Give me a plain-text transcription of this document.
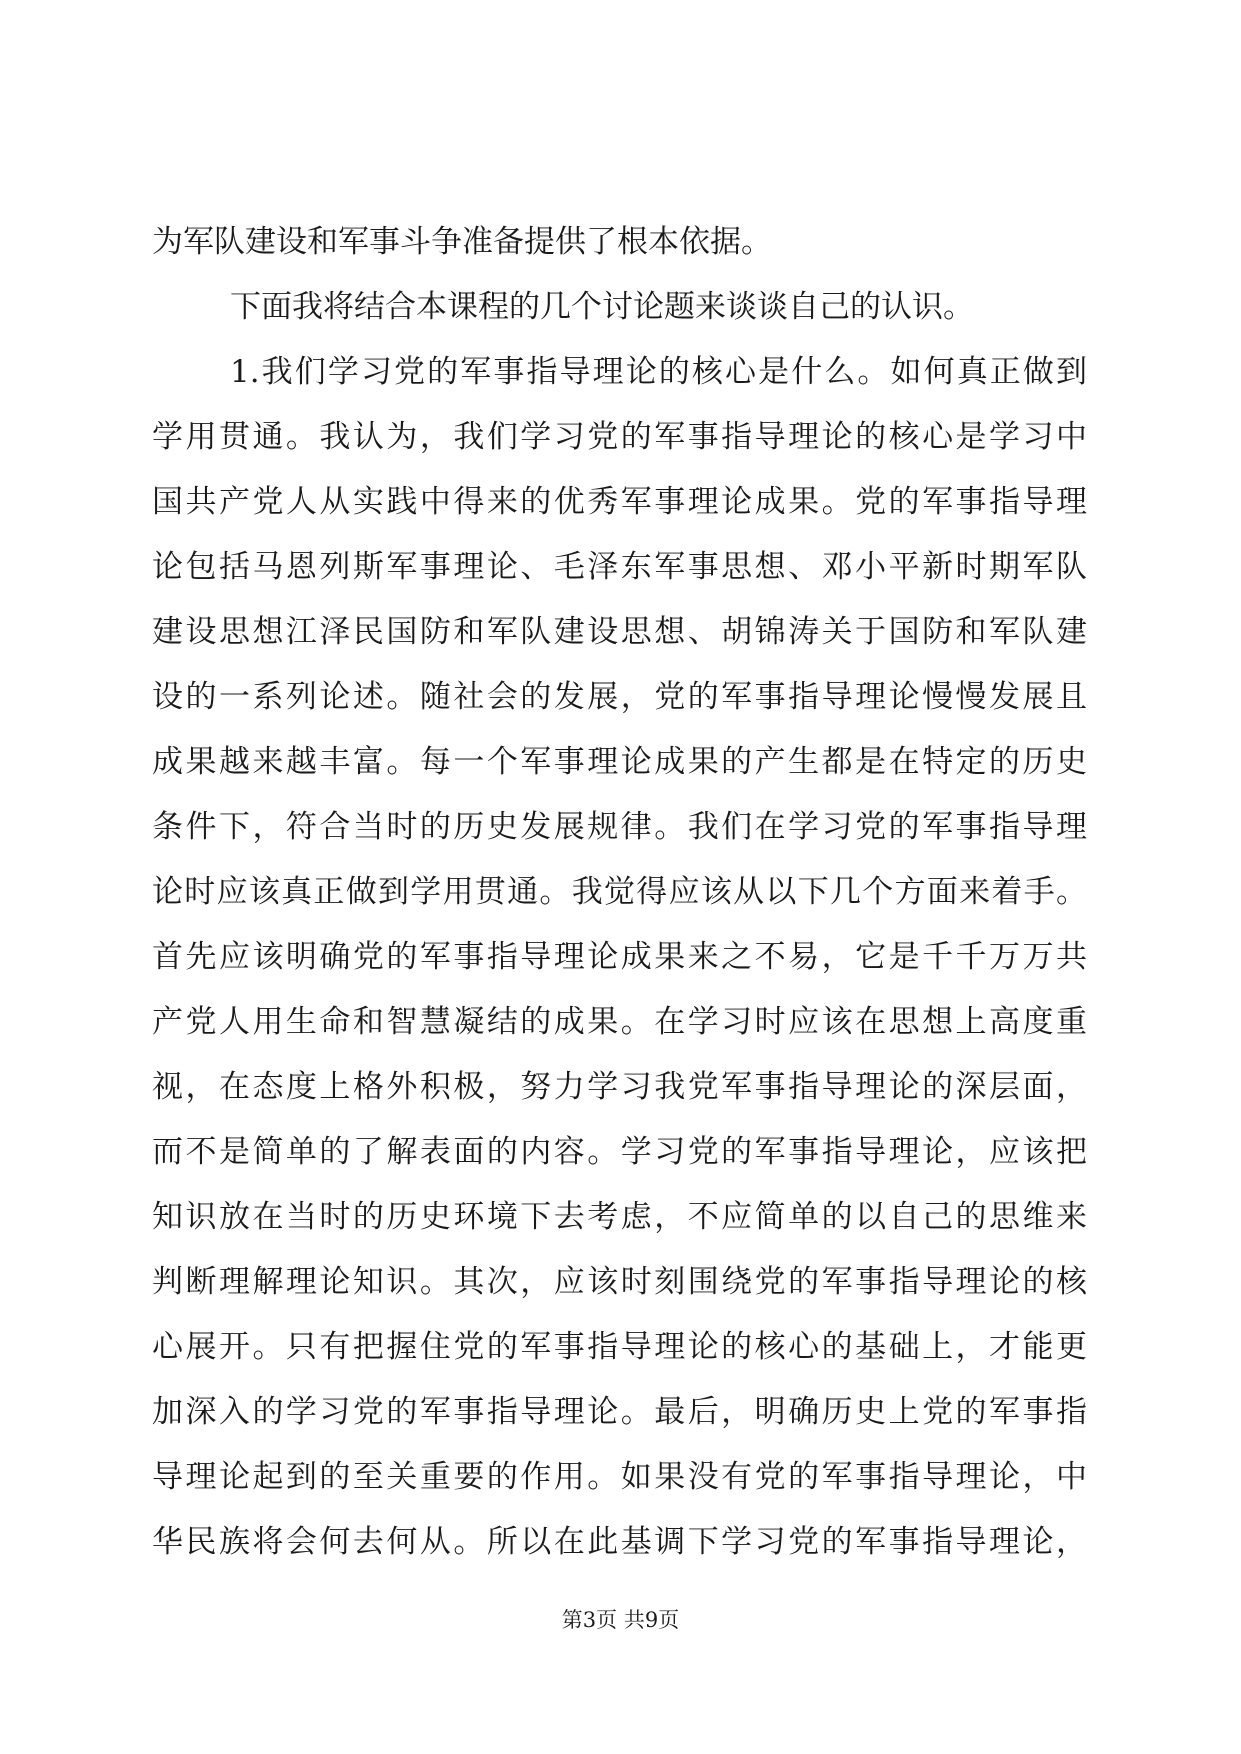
为军队建设和军事斗争准备提供了根本依据。
下面我将结合本课程的几个讨论题来谈谈自己的认识。
1.我们学习党的军事指导理论的核心是什么。如何真正做到
学用贯通。我认为，我们学习党的军事指导理论的核心是学习中
国共产党人从实践中得来的优秀军事理论成果。党的军事指导理
论包括马恩列斯军事理论、毛泽东军事思想、邓小平新时期军队
建设思想江泽民国防和军队建设思想、胡锦涛关于国防和军队建
设的一系列论述。随社会的发展，党的军事指导理论慢慢发展且
成果越来越丰富。每一个军事理论成果的产生都是在特定的历史
条件下，符合当时的历史发展规律。我们在学习党的军事指导理
论时应该真正做到学用贯通。我觉得应该从以下几个方面来着手。
首先应该明确党的军事指导理论成果来之不易，它是千千万万共
产党人用生命和智慧凝结的成果。在学习时应该在思想上高度重
视，在态度上格外积极，努力学习我党军事指导理论的深层面，
而不是简单的了解表面的内容。学习党的军事指导理论，应该把
知识放在当时的历史环境下去考虑，不应简单的以自己的思维来
判断理解理论知识。其次，应该时刻围绕党的军事指导理论的核
心展开。只有把握住党的军事指导理论的核心的基础上，才能更
加深入的学习党的军事指导理论。最后，明确历史上党的军事指
导理论起到的至关重要的作用。如果没有党的军事指导理论，中
华民族将会何去何从。所以在此基调下学习党的军事指导理论，
第3页 共9页
